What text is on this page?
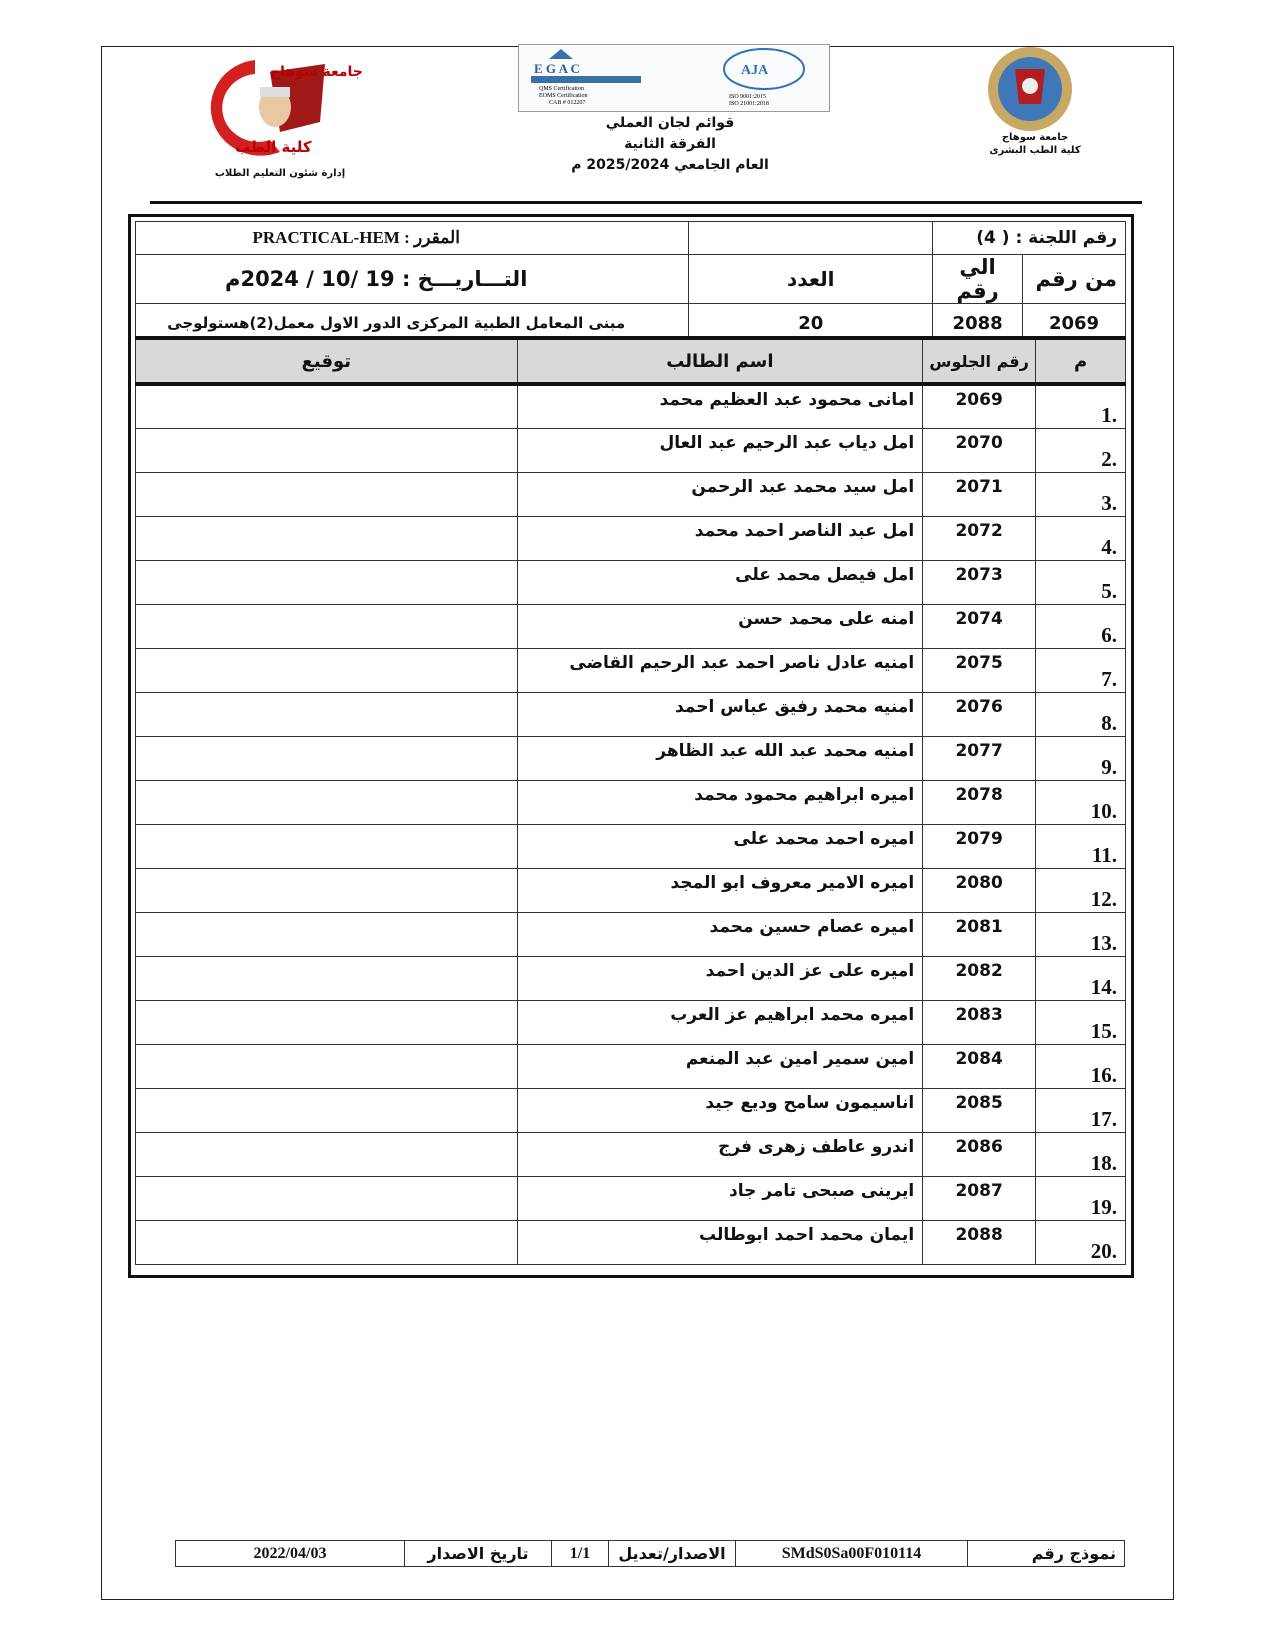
جامعة سوهاج
كلية الطب
إدارة شئون التعليم الطلاب
E G A C
QMS Certification
EOMS Certification
CAB # 012207
AJA
ISO 9001:2015
ISO 21001:2018
قوائم لجان العملي
الفرقة الثانية
العام الجامعي 2025/2024 م
جامعة سوهاج
كلية الطب البشرى
رقم اللجنة : ( 4)			المقرر : PRACTICAL-HEM
من رقم	الي رقم	العدد	التـــاريـــخ : 19 /10 / 2024م
2069	2088	20	مبنى المعامل الطبية المركزى الدور الاول معمل(2)هستولوجى
م	رقم الجلوس	اسم الطالب	توقيع
.1	2069	امانى محمود عبد العظيم محمد	
.2	2070	امل دياب عبد الرحيم عبد العال	
.3	2071	امل سيد محمد عبد الرحمن	
.4	2072	امل عبد الناصر احمد محمد	
.5	2073	امل فيصل محمد على	
.6	2074	امنه على محمد حسن	
.7	2075	امنيه عادل ناصر احمد عبد الرحيم القاضى	
.8	2076	امنيه محمد رفيق عباس احمد	
.9	2077	امنيه محمد عبد الله عبد الظاهر	
.10	2078	اميره ابراهيم محمود محمد	
.11	2079	اميره احمد محمد على	
.12	2080	اميره الامير معروف ابو المجد	
.13	2081	اميره عصام حسين محمد	
.14	2082	اميره على عز الدين احمد	
.15	2083	اميره محمد ابراهيم عز العرب	
.16	2084	امين سمير امين عبد المنعم	
.17	2085	اناسيمون سامح وديع جيد	
.18	2086	اندرو عاطف زهرى فرج	
.19	2087	ايرينى صبحى تامر جاد	
.20	2088	ايمان محمد احمد ابوطالب	
نموذج رقم	SMdS0Sa00F010114	الاصدار/تعديل	1/1	تاريخ الاصدار	2022/04/03
